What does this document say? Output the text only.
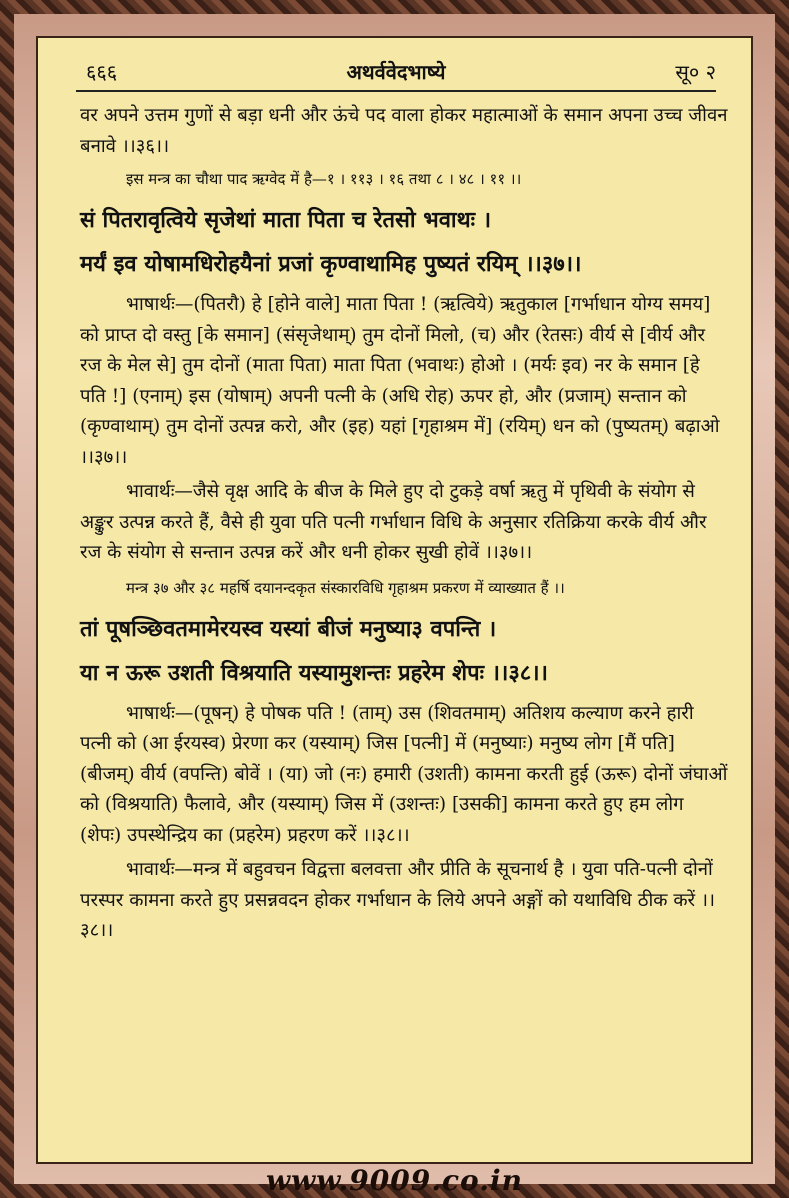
६६६	अथर्ववेदभाष्ये	सू० २

वर अपने उत्तम गुणों से बड़ा धनी और ऊंचे पद वाला होकर महात्माओं के समान अपना उच्च जीवन बनावे ।।३६।।

इस मन्त्र का चौथा पाद ऋग्वेद में है—१ । ११३ । १६ तथा ८ । ४८ । ११ ।।

सं पितरावृत्विये सृजेथां माता पिता च रेतसो भवाथः ।

मर्यं इव योषामधिरोहयैनां प्रजां कृण्वाथामिह पुष्यतं रयिम् ।।३७।।

भाषार्थः—(पितरौ) हे [होने वाले] माता पिता ! (ऋत्विये) ऋतुकाल [गर्भाधान योग्य समय] को प्राप्त दो वस्तु [के समान] (संसृजेथाम्) तुम दोनों मिलो, (च) और (रेतसः) वीर्य से [वीर्य और रज के मेल से] तुम दोनों (माता पिता) माता पिता (भवाथः) होओ । (मर्यः इव) नर के समान [हे पति !] (एनाम्) इस (योषाम्) अपनी पत्नी के (अधि रोह) ऊपर हो, और (प्रजाम्) सन्तान को (कृण्वाथाम्) तुम दोनों उत्पन्न करो, और (इह) यहां [गृहाश्रम में] (रयिम्) धन को (पुष्यतम्) बढ़ाओ ।।३७।।

भावार्थः—जैसे वृक्ष आदि के बीज के मिले हुए दो टुकड़े वर्षा ऋतु में पृथिवी के संयोग से अङ्कुर उत्पन्न करते हैं, वैसे ही युवा पति पत्नी गर्भाधान विधि के अनुसार रतिक्रिया करके वीर्य और रज के संयोग से सन्तान उत्पन्न करें और धनी होकर सुखी होवें ।।३७।।

मन्त्र ३७ और ३८ महर्षि दयानन्दकृत संस्कारविधि गृहाश्रम प्रकरण में व्याख्यात हैं ।।

तां पूषञ्छिवतमामेरयस्व यस्यां बीजं मनुष्या३ वपन्ति ।

या न ऊरू उशती विश्रयाति यस्यामुशन्तः प्रहरेम शेपः ।।३८।।

भाषार्थः—(पूषन्) हे पोषक पति ! (ताम्) उस (शिवतमाम्) अतिशय कल्याण करने हारी पत्नी को (आ ईरयस्व) प्रेरणा कर (यस्याम्) जिस [पत्नी] में (मनुष्याः) मनुष्य लोग [मैं पति] (बीजम्) वीर्य (वपन्ति) बोवें । (या) जो (नः) हमारी (उशती) कामना करती हुई (ऊरू) दोनों जंघाओं को (विश्रयाति) फैलावे, और (यस्याम्) जिस में (उशन्तः) [उसकी] कामना करते हुए हम लोग (शेपः) उपस्थेन्द्रिय का (प्रहरेम) प्रहरण करें ।।३८।।

भावार्थः—मन्त्र में बहुवचन विद्वत्ता बलवत्ता और प्रीति के सूचनार्थ है । युवा पति-पत्नी दोनों परस्पर कामना करते हुए प्रसन्नवदन होकर गर्भाधान के लिये अपने अङ्गों को यथाविधि ठीक करें ।।३८।।

www.9009.co.in
